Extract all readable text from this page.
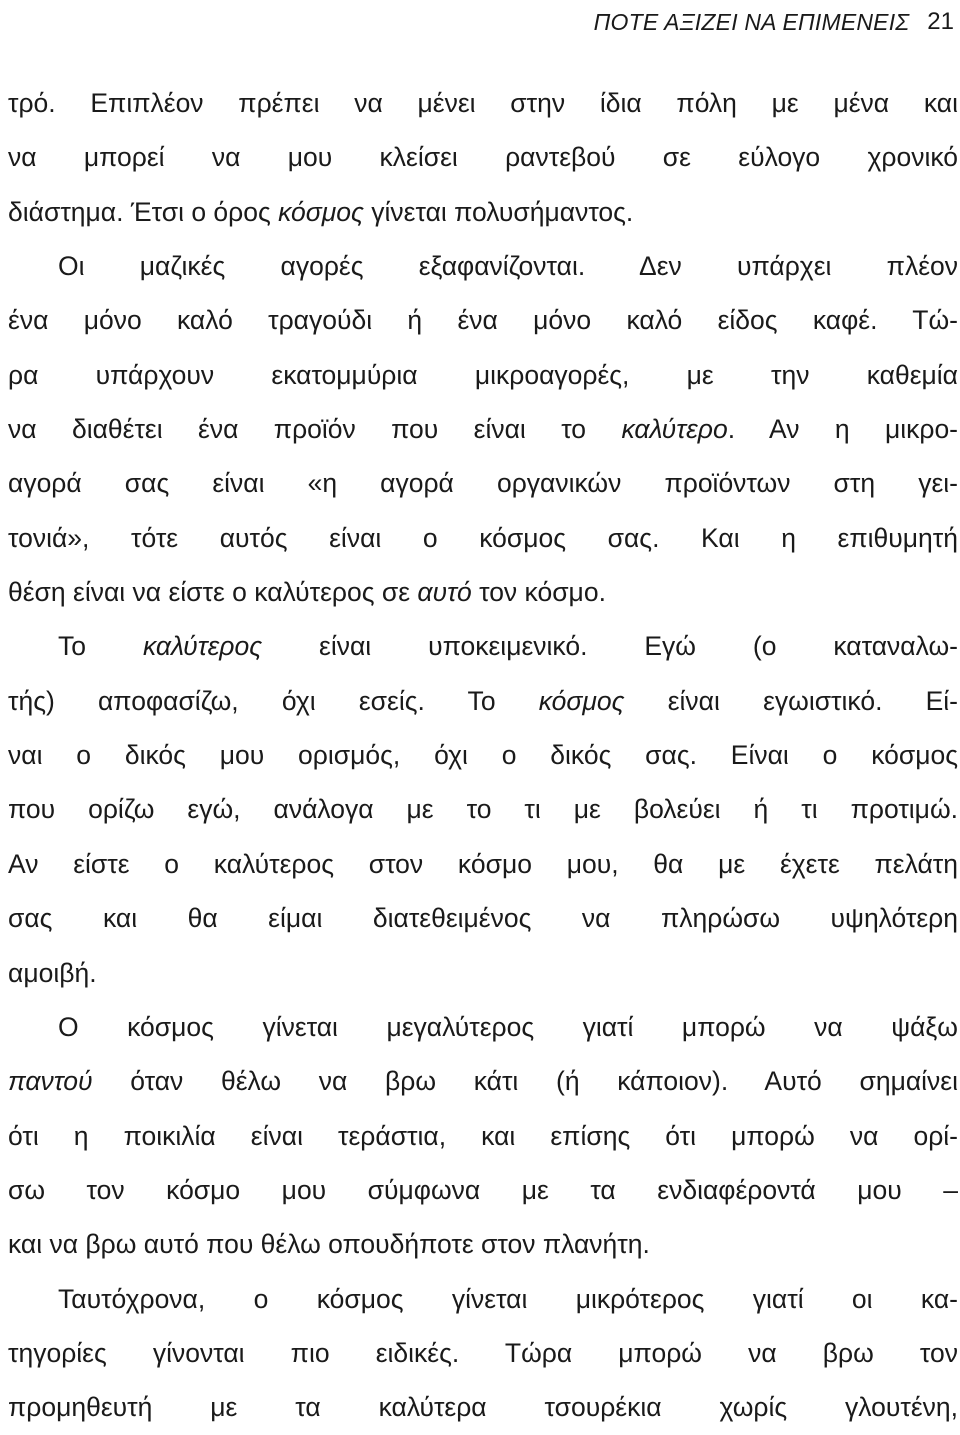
ΠΟΤΕ ΑΞΙΖΕΙ ΝΑ ΕΠΙΜΕΝΕΙΣ 21
τρό. Επιπλέον πρέπει να μένει στην ίδια πόλη με μένα και
να μπορεί να μου κλείσει ραντεβού σε εύλογο χρονικό
διάστημα. Έτσι ο όρος κόσμος γίνεται πολυσήμαντος.
Οι μαζικές αγορές εξαφανίζονται. Δεν υπάρχει πλέον
ένα μόνο καλό τραγούδι ή ένα μόνο καλό είδος καφέ. Τώ-
ρα υπάρχουν εκατομμύρια μικροαγορές, με την καθεμία
να διαθέτει ένα προϊόν που είναι το καλύτερο. Αν η μικρο-
αγορά σας είναι «η αγορά οργανικών προϊόντων στη γει-
τονιά», τότε αυτός είναι ο κόσμος σας. Και η επιθυμητή
θέση είναι να είστε ο καλύτερος σε αυτό τον κόσμο.
Το καλύτερος είναι υποκειμενικό. Εγώ (ο καταναλω-
τής) αποφασίζω, όχι εσείς. Το κόσμος είναι εγωιστικό. Εί-
ναι ο δικός μου ορισμός, όχι ο δικός σας. Είναι ο κόσμος
που ορίζω εγώ, ανάλογα με το τι με βολεύει ή τι προτιμώ.
Αν είστε ο καλύτερος στον κόσμο μου, θα με έχετε πελάτη
σας και θα είμαι διατεθειμένος να πληρώσω υψηλότερη
αμοιβή.
Ο κόσμος γίνεται μεγαλύτερος γιατί μπορώ να ψάξω
παντού όταν θέλω να βρω κάτι (ή κάποιον). Αυτό σημαίνει
ότι η ποικιλία είναι τεράστια, και επίσης ότι μπορώ να ορί-
σω τον κόσμο μου σύμφωνα με τα ενδιαφέροντά μου –
και να βρω αυτό που θέλω οπουδήποτε στον πλανήτη.
Ταυτόχρονα, ο κόσμος γίνεται μικρότερος γιατί οι κα-
τηγορίες γίνονται πιο ειδικές. Τώρα μπορώ να βρω τον
προμηθευτή με τα καλύτερα τσουρέκια χωρίς γλουτένη,
